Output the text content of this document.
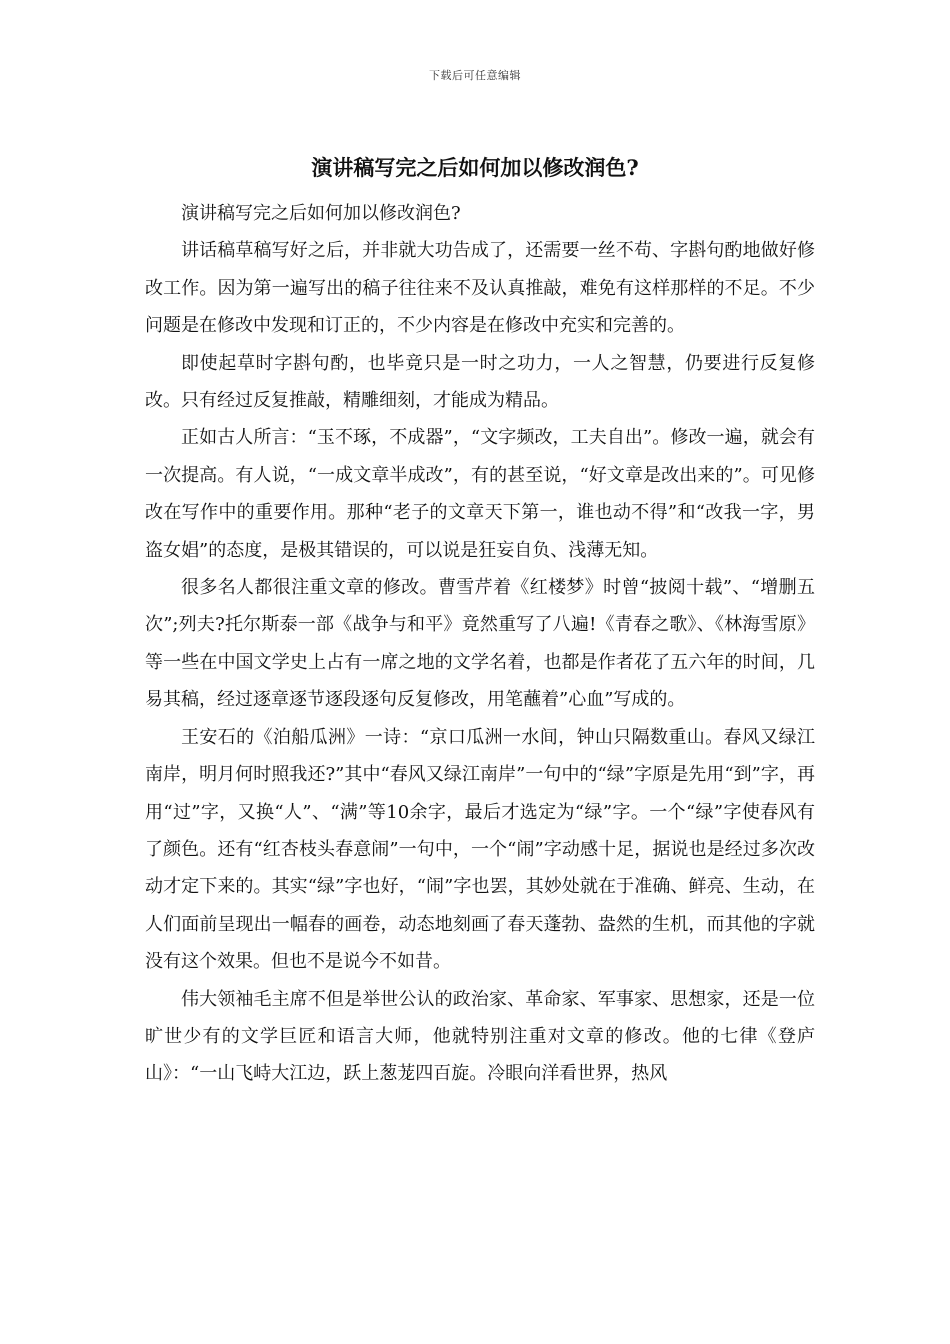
下载后可任意编辑
演讲稿写完之后如何加以修改润色?

演讲稿写完之后如何加以修改润色?

讲话稿草稿写好之后，并非就大功告成了，还需要一丝不苟、字斟句酌地做好修改工作。因为第一遍写出的稿子往往来不及认真推敲，难免有这样那样的不足。不少问题是在修改中发现和订正的，不少内容是在修改中充实和完善的。

即使起草时字斟句酌，也毕竟只是一时之功力，一人之智慧，仍要进行反复修改。只有经过反复推敲，精雕细刻，才能成为精品。

正如古人所言：“玉不琢，不成器”，“文字频改，工夫自出”。修改一遍，就会有一次提高。有人说，“一成文章半成改”，有的甚至说，“好文章是改出来的”。可见修改在写作中的重要作用。那种“老子的文章天下第一，谁也动不得”和“改我一字，男盗女娼”的态度，是极其错误的，可以说是狂妄自负、浅薄无知。

很多名人都很注重文章的修改。曹雪芹着《红楼梦》时曾“披阅十载”、“增删五次”;列夫?托尔斯泰一部《战争与和平》竟然重写了八遍!《青春之歌》、《林海雪原》等一些在中国文学史上占有一席之地的文学名着，也都是作者花了五六年的时间，几易其稿，经过逐章逐节逐段逐句反复修改，用笔蘸着”心血”写成的。

王安石的《泊船瓜洲》一诗：“京口瓜洲一水间，钟山只隔数重山。春风又绿江南岸，明月何时照我还?”其中“春风又绿江南岸”一句中的“绿”字原是先用“到”字，再用“过”字，又换“人”、“满”等10余字，最后才选定为“绿”字。一个“绿”字使春风有了颜色。还有“红杏枝头春意闹”一句中，一个“闹”字动感十足，据说也是经过多次改动才定下来的。其实“绿”字也好，“闹”字也罢，其妙处就在于准确、鲜亮、生动，在人们面前呈现出一幅春的画卷，动态地刻画了春天蓬勃、盎然的生机，而其他的字就没有这个效果。但也不是说今不如昔。

伟大领袖毛主席不但是举世公认的政治家、革命家、军事家、思想家，还是一位旷世少有的文学巨匠和语言大师，他就特别注重对文章的修改。他的七律《登庐山》：“一山飞峙大江边，跃上葱茏四百旋。冷眼向洋看世界，热风
